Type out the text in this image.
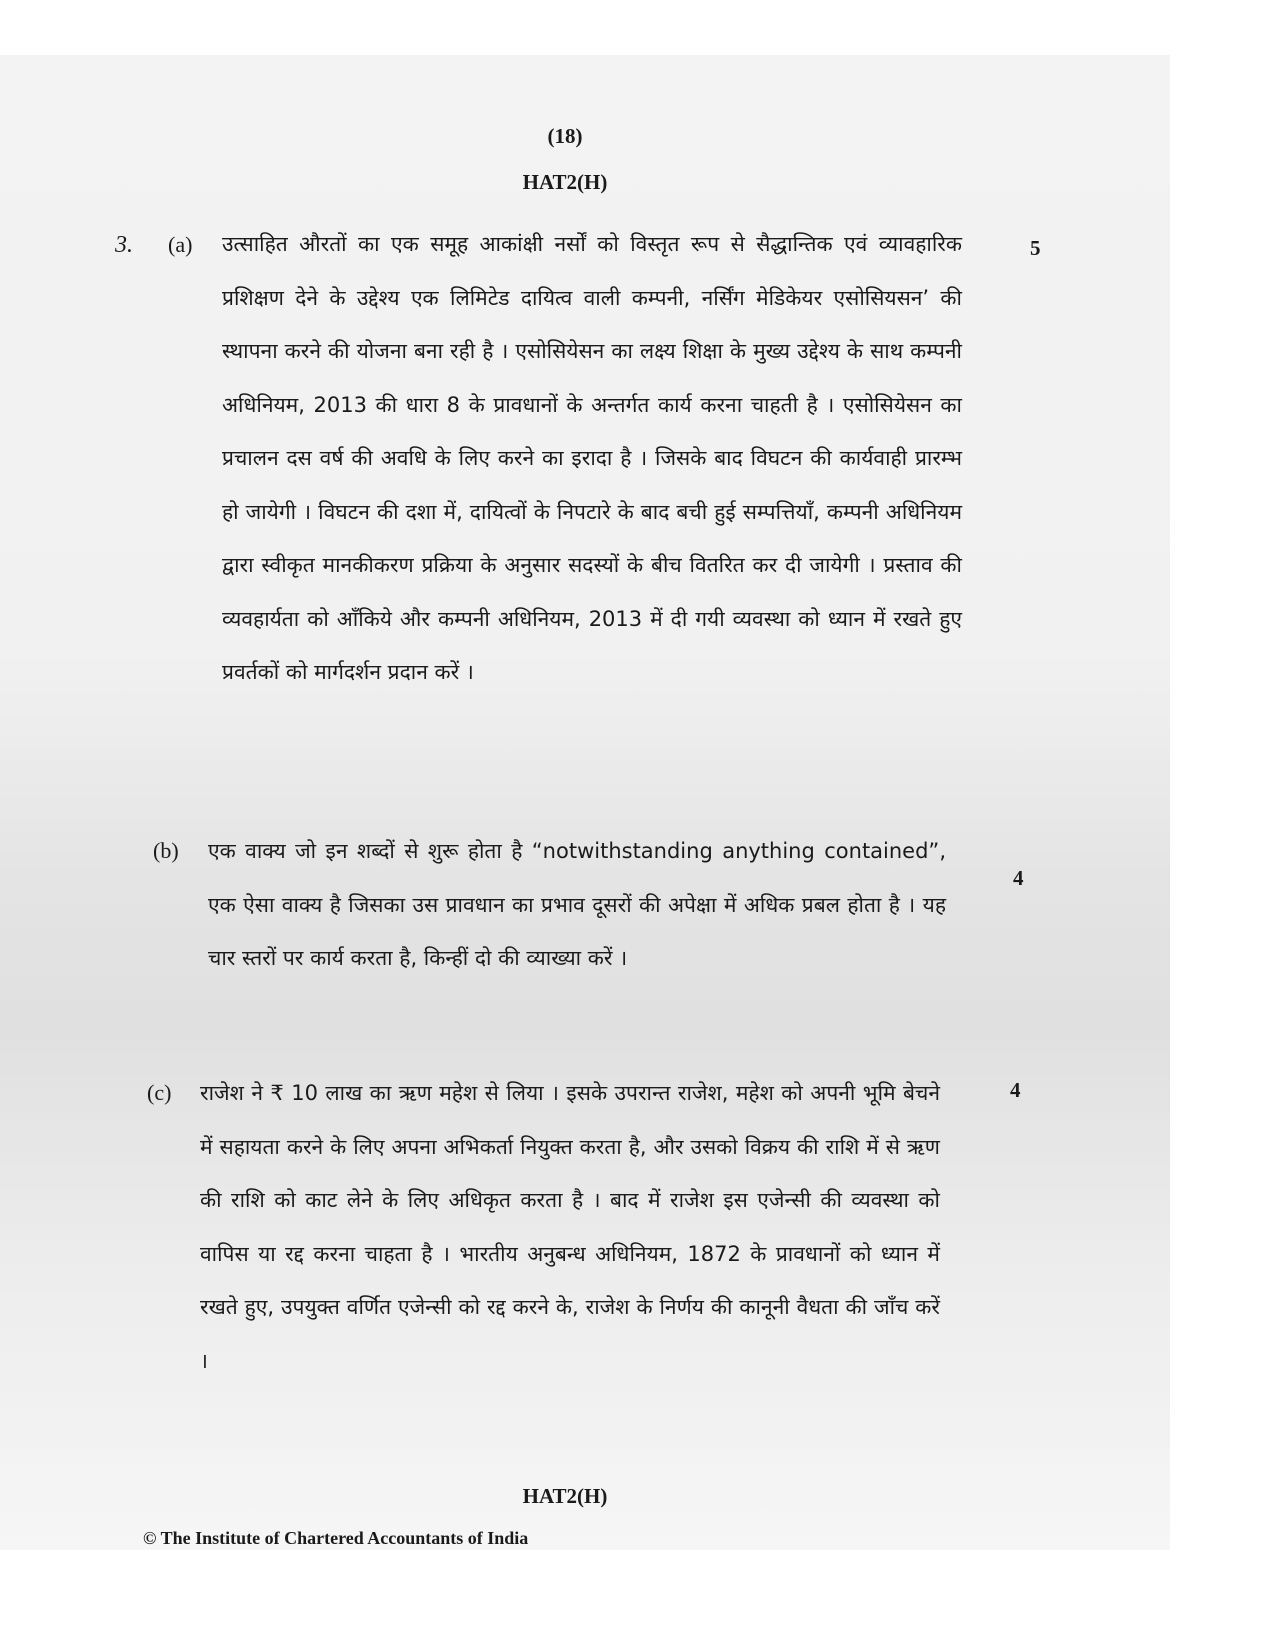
(18)

HAT2(H)

3. (a) उत्साहित औरतों का एक समूह आकांक्षी नर्सों को विस्तृत रूप से सैद्धान्तिक एवं व्यावहारिक प्रशिक्षण देने के उद्देश्य एक लिमिटेड दायित्व वाली कम्पनी, नर्सिंग मेडिकेयर एसोसियसन’ की स्थापना करने की योजना बना रही है । एसोसियेसन का लक्ष्य शिक्षा के मुख्य उद्देश्य के साथ कम्पनी अधिनियम, 2013 की धारा 8 के प्रावधानों के अन्तर्गत कार्य करना चाहती है । एसोसियेसन का प्रचालन दस वर्ष की अवधि के लिए करने का इरादा है । जिसके बाद विघटन की कार्यवाही प्रारम्भ हो जायेगी । विघटन की दशा में, दायित्वों के निपटारे के बाद बची हुई सम्पत्तियाँ, कम्पनी अधिनियम द्वारा स्वीकृत मानकीकरण प्रक्रिया के अनुसार सदस्यों के बीच वितरित कर दी जायेगी । प्रस्ताव की व्यवहार्यता को आँकिये और कम्पनी अधिनियम, 2013 में दी गयी व्यवस्था को ध्यान में रखते हुए प्रवर्तकों को मार्गदर्शन प्रदान करें ।

5
(b) एक वाक्य जो इन शब्दों से शुरू होता है “notwithstanding anything contained”, एक ऐसा वाक्य है जिसका उस प्रावधान का प्रभाव दूसरों की अपेक्षा में अधिक प्रबल होता है । यह चार स्तरों पर कार्य करता है, किन्हीं दो की व्याख्या करें ।

4
(c) राजेश ने ₹ 10 लाख का ऋण महेश से लिया । इसके उपरान्त राजेश, महेश को अपनी भूमि बेचने में सहायता करने के लिए अपना अभिकर्ता नियुक्त करता है, और उसको विक्रय की राशि में से ऋण की राशि को काट लेने के लिए अधिकृत करता है । बाद में राजेश इस एजेन्सी की व्यवस्था को वापिस या रद्द करना चाहता है । भारतीय अनुबन्ध अधिनियम, 1872 के प्रावधानों को ध्यान में रखते हुए, उपयुक्त वर्णित एजेन्सी को रद्द करने के, राजेश के निर्णय की कानूनी वैधता की जाँच करें ।

4

HAT2(H)

© The Institute of Chartered Accountants of India
